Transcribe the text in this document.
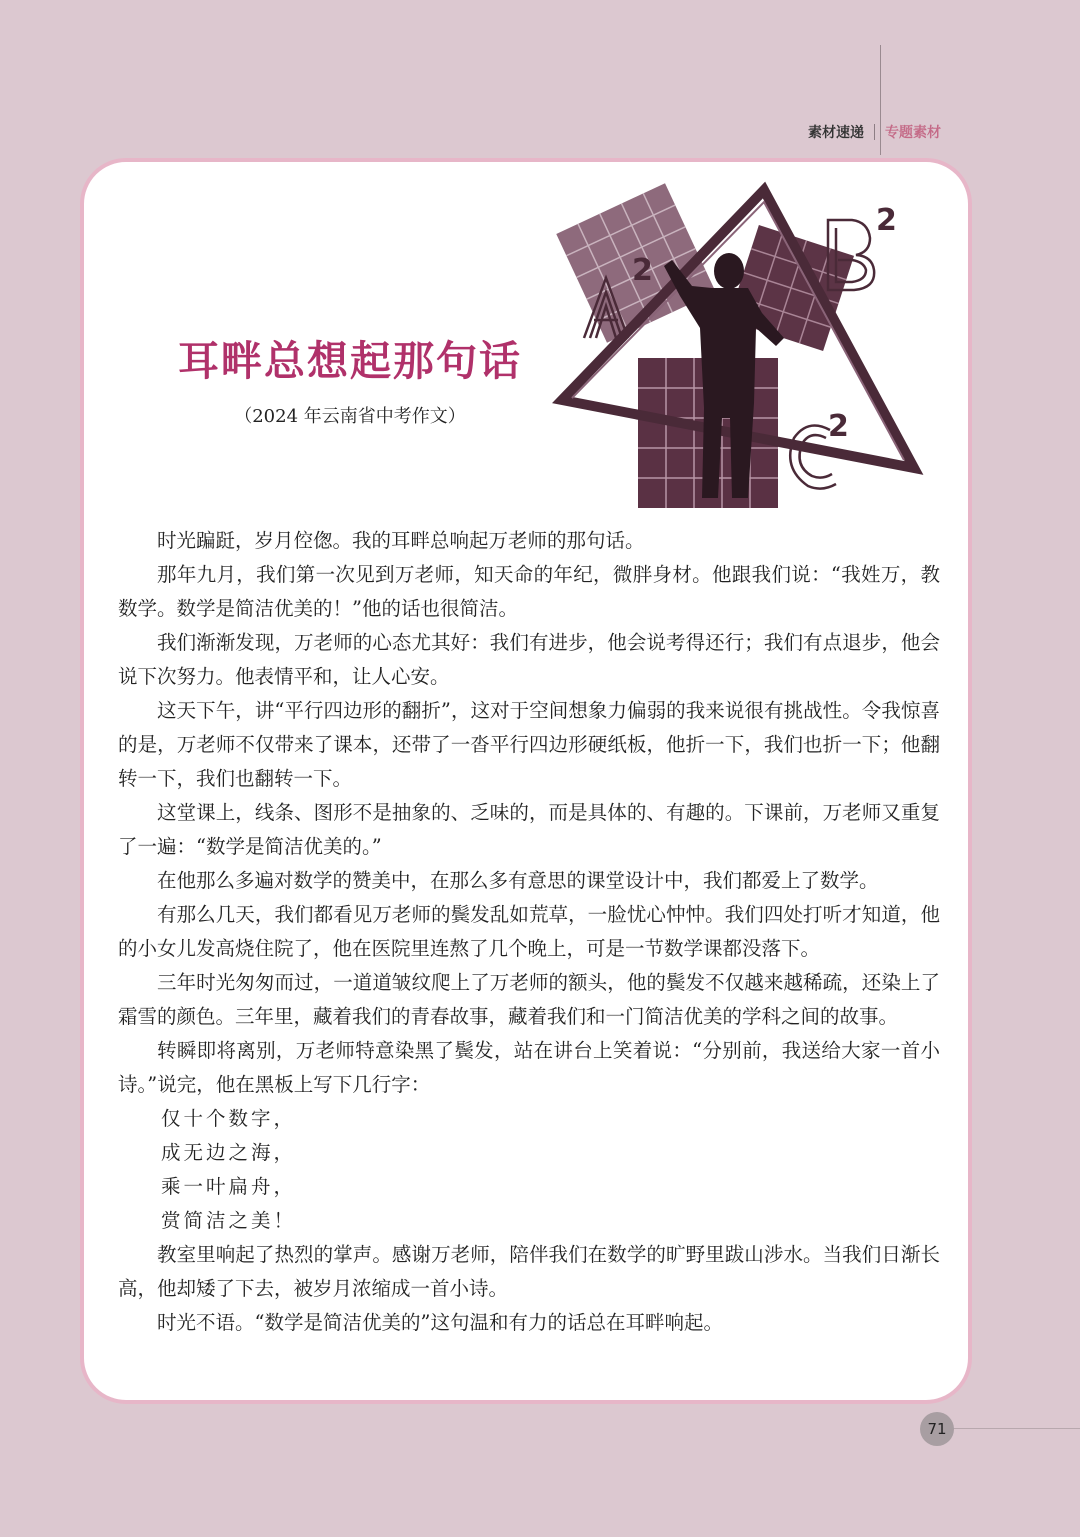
素材速递 专题素材
A
2
2
2
耳畔总想起那句话
（2024 年云南省中考作文）

时光蹁跹，岁月倥偬。我的耳畔总响起万老师的那句话。

那年九月，我们第一次见到万老师，知天命的年纪，微胖身材。他跟我们说：“我姓万，教数学。数学是简洁优美的！”他的话也很简洁。

我们渐渐发现，万老师的心态尤其好：我们有进步，他会说考得还行；我们有点退步，他会说下次努力。他表情平和，让人心安。

这天下午，讲“平行四边形的翻折”，这对于空间想象力偏弱的我来说很有挑战性。令我惊喜的是，万老师不仅带来了课本，还带了一沓平行四边形硬纸板，他折一下，我们也折一下；他翻转一下，我们也翻转一下。

这堂课上，线条、图形不是抽象的、乏味的，而是具体的、有趣的。下课前，万老师又重复了一遍：“数学是简洁优美的。”

在他那么多遍对数学的赞美中，在那么多有意思的课堂设计中，我们都爱上了数学。

有那么几天，我们都看见万老师的鬓发乱如荒草，一脸忧心忡忡。我们四处打听才知道，他的小女儿发高烧住院了，他在医院里连熬了几个晚上，可是一节数学课都没落下。

三年时光匆匆而过，一道道皱纹爬上了万老师的额头，他的鬓发不仅越来越稀疏，还染上了霜雪的颜色。三年里，藏着我们的青春故事，藏着我们和一门简洁优美的学科之间的故事。

转瞬即将离别，万老师特意染黑了鬓发，站在讲台上笑着说：“分别前，我送给大家一首小诗。”说完，他在黑板上写下几行字：

仅十个数字，

成无边之海，

乘一叶扁舟，

赏简洁之美！

教室里响起了热烈的掌声。感谢万老师，陪伴我们在数学的旷野里跋山涉水。当我们日渐长高，他却矮了下去，被岁月浓缩成一首小诗。

时光不语。“数学是简洁优美的”这句温和有力的话总在耳畔响起。

71
